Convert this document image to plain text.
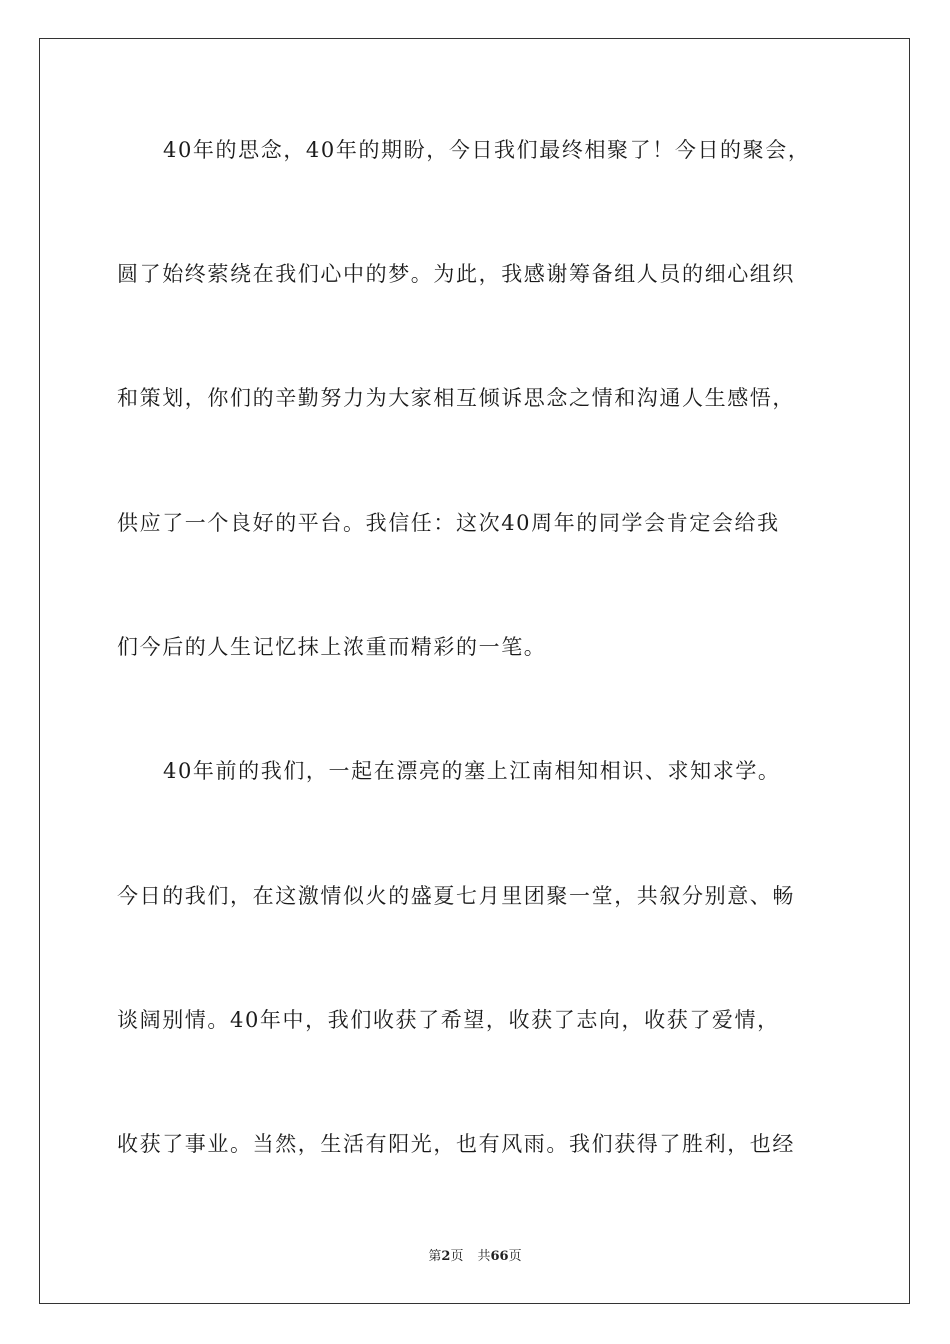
40年的思念，40年的期盼，今日我们最终相聚了！今日的聚会，
圆了始终萦绕在我们心中的梦。为此，我感谢筹备组人员的细心组织
和策划，你们的辛勤努力为大家相互倾诉思念之情和沟通人生感悟，
供应了一个良好的平台。我信任：这次40周年的同学会肯定会给我
们今后的人生记忆抹上浓重而精彩的一笔。
40年前的我们，一起在漂亮的塞上江南相知相识、求知求学。
今日的我们，在这激情似火的盛夏七月里团聚一堂，共叙分别意、畅
谈阔别情。40年中，我们收获了希望，收获了志向，收获了爱情，
收获了事业。当然，生活有阳光，也有风雨。我们获得了胜利，也经
第2页 共66页
